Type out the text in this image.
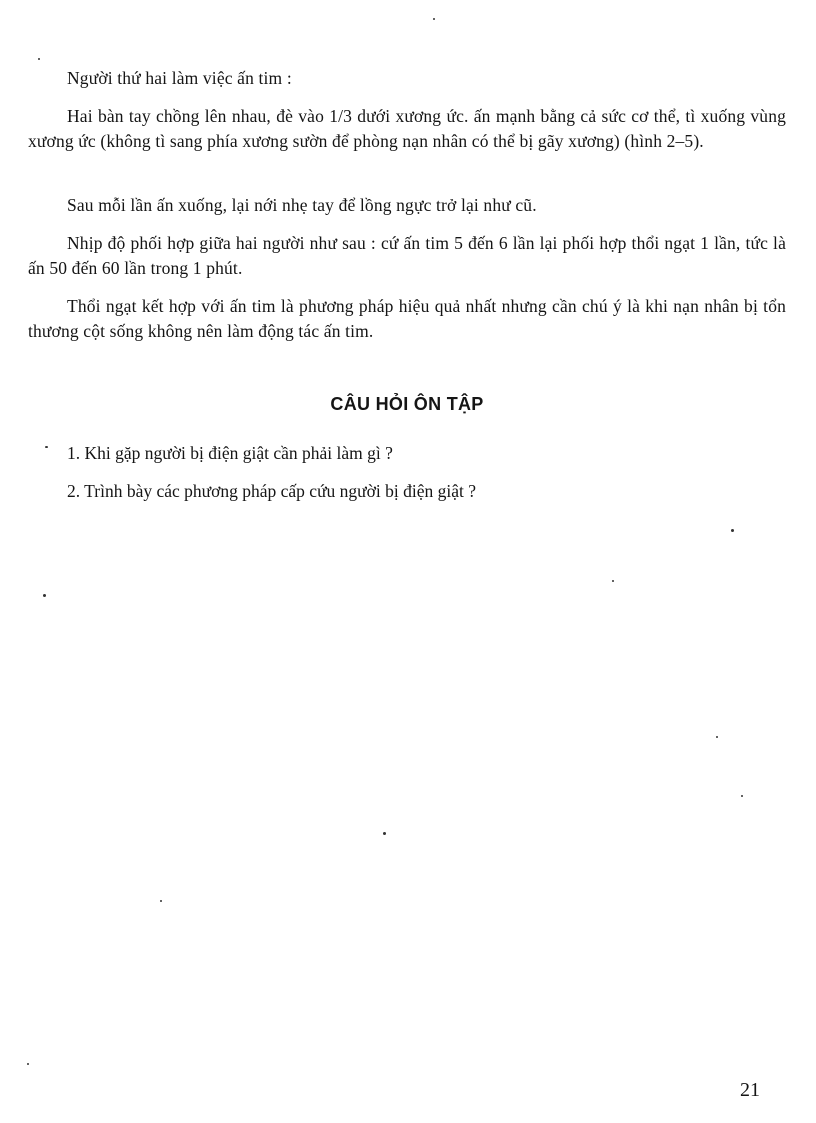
Người thứ hai làm việc ấn tim :

Hai bàn tay chồng lên nhau, đè vào 1/3 dưới xương ức. ấn mạnh bằng cả sức cơ thể, tì xuống vùng xương ức (không tì sang phía xương sườn để phòng nạn nhân có thể bị gãy xương) (hình 2–5).

Sau mỗi lần ấn xuống, lại nới nhẹ tay để lồng ngực trở lại như cũ.

Nhịp độ phối hợp giữa hai người như sau : cứ ấn tim 5 đến 6 lần lại phối hợp thổi ngạt 1 lần, tức là ấn 50 đến 60 lần trong 1 phút.

Thổi ngạt kết hợp với ấn tim là phương pháp hiệu quả nhất nhưng cần chú ý là khi nạn nhân bị tổn thương cột sống không nên làm động tác ấn tim.

CÂU HỎI ÔN TẬP

1. Khi gặp người bị điện giật cần phải làm gì ?

2. Trình bày các phương pháp cấp cứu người bị điện giật ?

21
